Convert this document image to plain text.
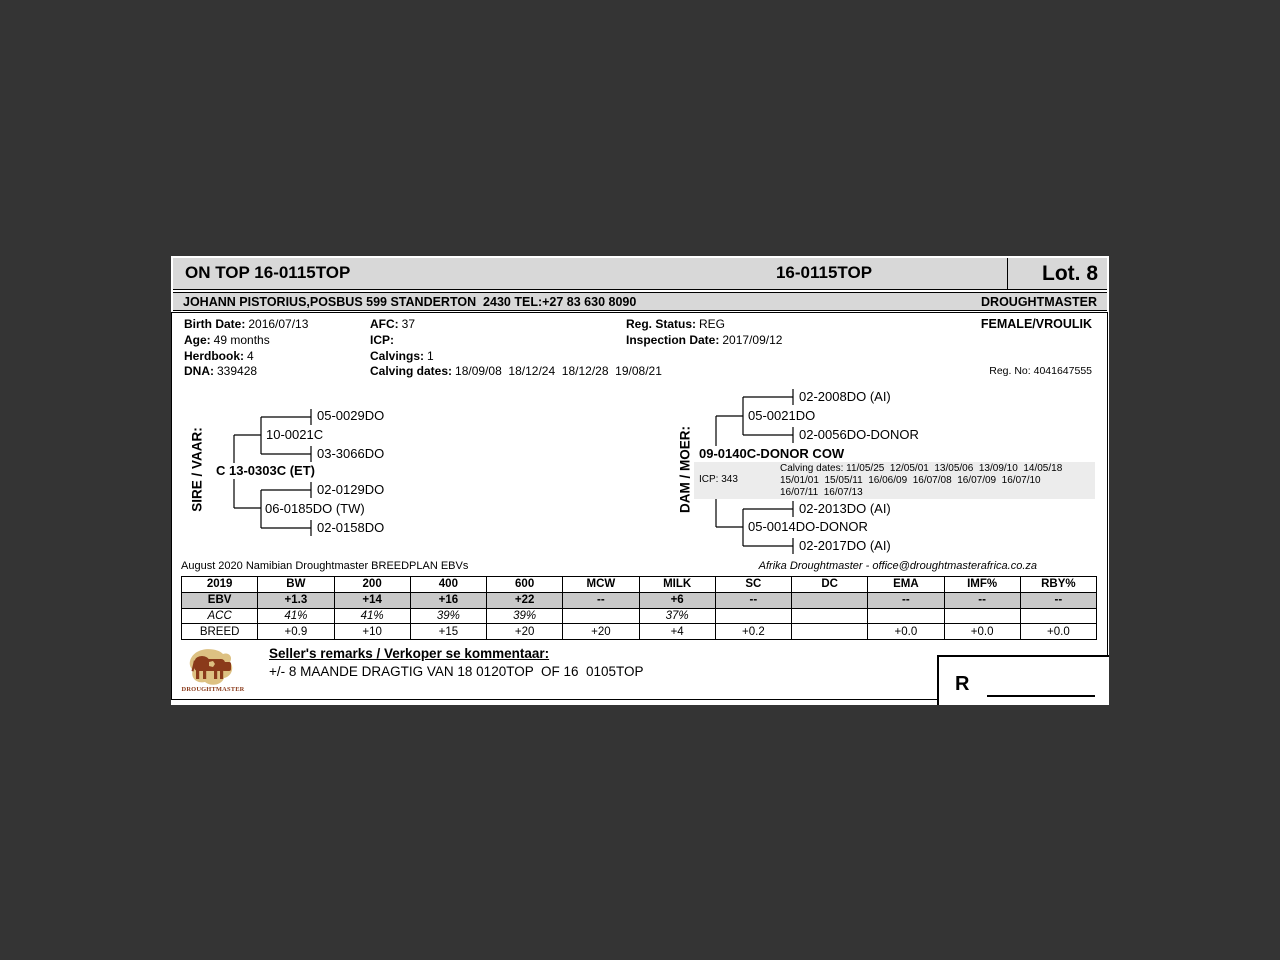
ON TOP 16-0115TOP	16-0115TOP	Lot. 8
JOHANN PISTORIUS,POSBUS 599 STANDERTON  2430 TEL:+27 83 630 8090	DROUGHTMASTER
Birth Date: 2016/07/13
Age: 49 months
Herdbook: 4
DNA: 339428
AFC: 37
ICP:
Calvings: 1
Calving dates: 18/09/08  18/12/24  18/12/28  19/08/21
Reg. Status: REG
Inspection Date: 2017/09/12
FEMALE/VROULIK
Reg. No: 4041647555
SIRE / VAAR: C 13-0303C (ET)
10-0021C
05-0029DO
03-3066DO
06-0185DO (TW)
02-0129DO
02-0158DO
DAM / MOER:
05-0021DO
02-2008DO (AI)
02-0056DO-DONOR
09-0140C-DONOR COW
ICP: 343
Calving dates: 11/05/25  12/05/01  13/05/06  13/09/10  14/05/18
15/01/01  15/05/11  16/06/09  16/07/08  16/07/09  16/07/10
16/07/11  16/07/13
05-0014DO-DONOR
02-2013DO (AI)
02-2017DO (AI)
August 2020 Namibian Droughtmaster BREEDPLAN EBVs	Afrika Droughtmaster - office@droughtmasterafrica.co.za
2019	BW	200	400	600	MCW	MILK	SC	DC	EMA	IMF%	RBY%
EBV	+1.3	+14	+16	+22	--	+6	--		--	--	--
ACC	41%	41%	39%	39%		37%					
BREED	+0.9	+10	+15	+20	+20	+4	+0.2		+0.0	+0.0	+0.0
DROUGHTMASTER
Seller's remarks / Verkoper se kommentaar:
+/- 8 MAANDE DRAGTIG VAN 18 0120TOP  OF 16  0105TOP
R
